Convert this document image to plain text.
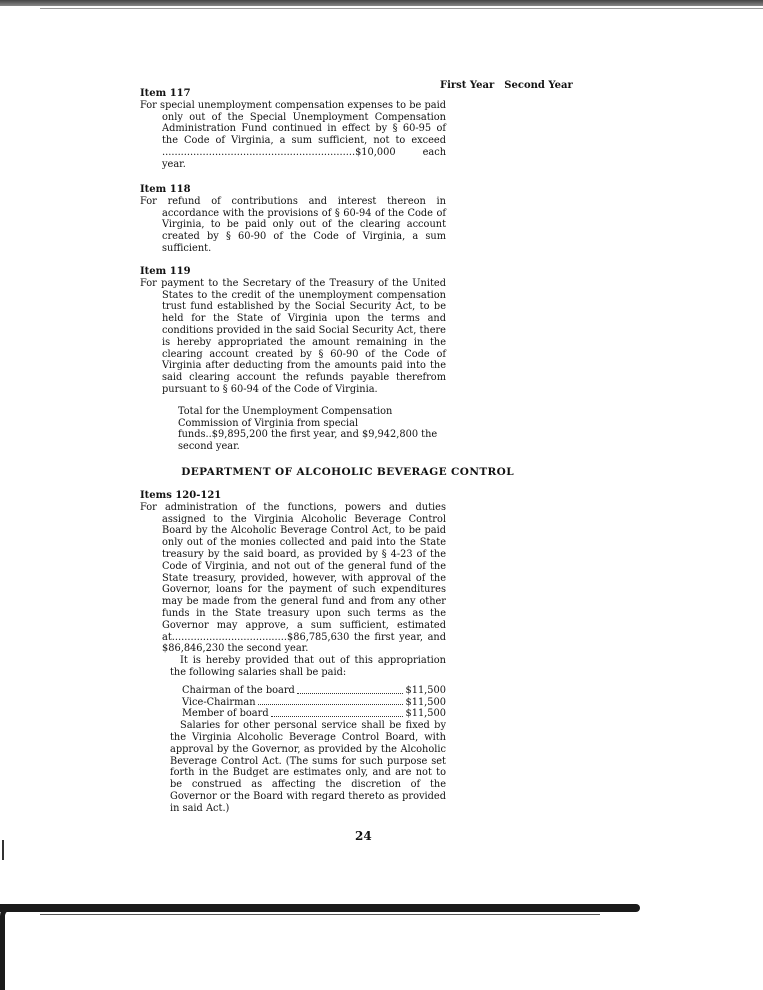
First Year Second Year

Item 117

For special unemployment compensation expenses to be paid only out of the Special Unemployment Compensation Administration Fund continued in effect by § 60-95 of the Code of Virginia, a sum sufficient, not to exceed ..............................................................$10,000 each year.

Item 118

For refund of contributions and interest thereon in accordance with the provisions of § 60-94 of the Code of Virginia, to be paid only out of the clearing account created by § 60-90 of the Code of Virginia, a sum sufficient.

Item 119

For payment to the Secretary of the Treasury of the United States to the credit of the unemployment compensation trust fund established by the Social Security Act, to be held for the State of Virginia upon the terms and conditions provided in the said Social Security Act, there is hereby appropriated the amount remaining in the clearing account created by § 60-90 of the Code of Virginia after deducting from the amounts paid into the said clearing account the refunds payable therefrom pursuant to § 60-94 of the Code of Virginia.

Total for the Unemployment Compensation Commission of Virginia from special funds..$9,895,200 the first year, and $9,942,800 the second year.

DEPARTMENT OF ALCOHOLIC BEVERAGE CONTROL

Items 120-121

For administration of the functions, powers and duties assigned to the Virginia Alcoholic Beverage Control Board by the Alcoholic Beverage Control Act, to be paid only out of the monies collected and paid into the State treasury by the said board, as provided by § 4-23 of the Code of Virginia, and not out of the general fund of the State treasury, provided, however, with approval of the Governor, loans for the payment of such expenditures may be made from the general fund and from any other funds in the State treasury upon such terms as the Governor may approve, a sum sufficient, estimated at.....................................$86,785,630 the first year, and $86,846,230 the second year.

It is hereby provided that out of this appropriation the following salaries shall be paid:

Chairman of the board	$11,500
Vice-Chairman	$11,500
Member of board	$11,500

Salaries for other personal service shall be fixed by the Virginia Alcoholic Beverage Control Board, with approval by the Governor, as provided by the Alcoholic Beverage Control Act. (The sums for such purpose set forth in the Budget are estimates only, and are not to be construed as affecting the discretion of the Governor or the Board with regard thereto as provided in said Act.)

24
